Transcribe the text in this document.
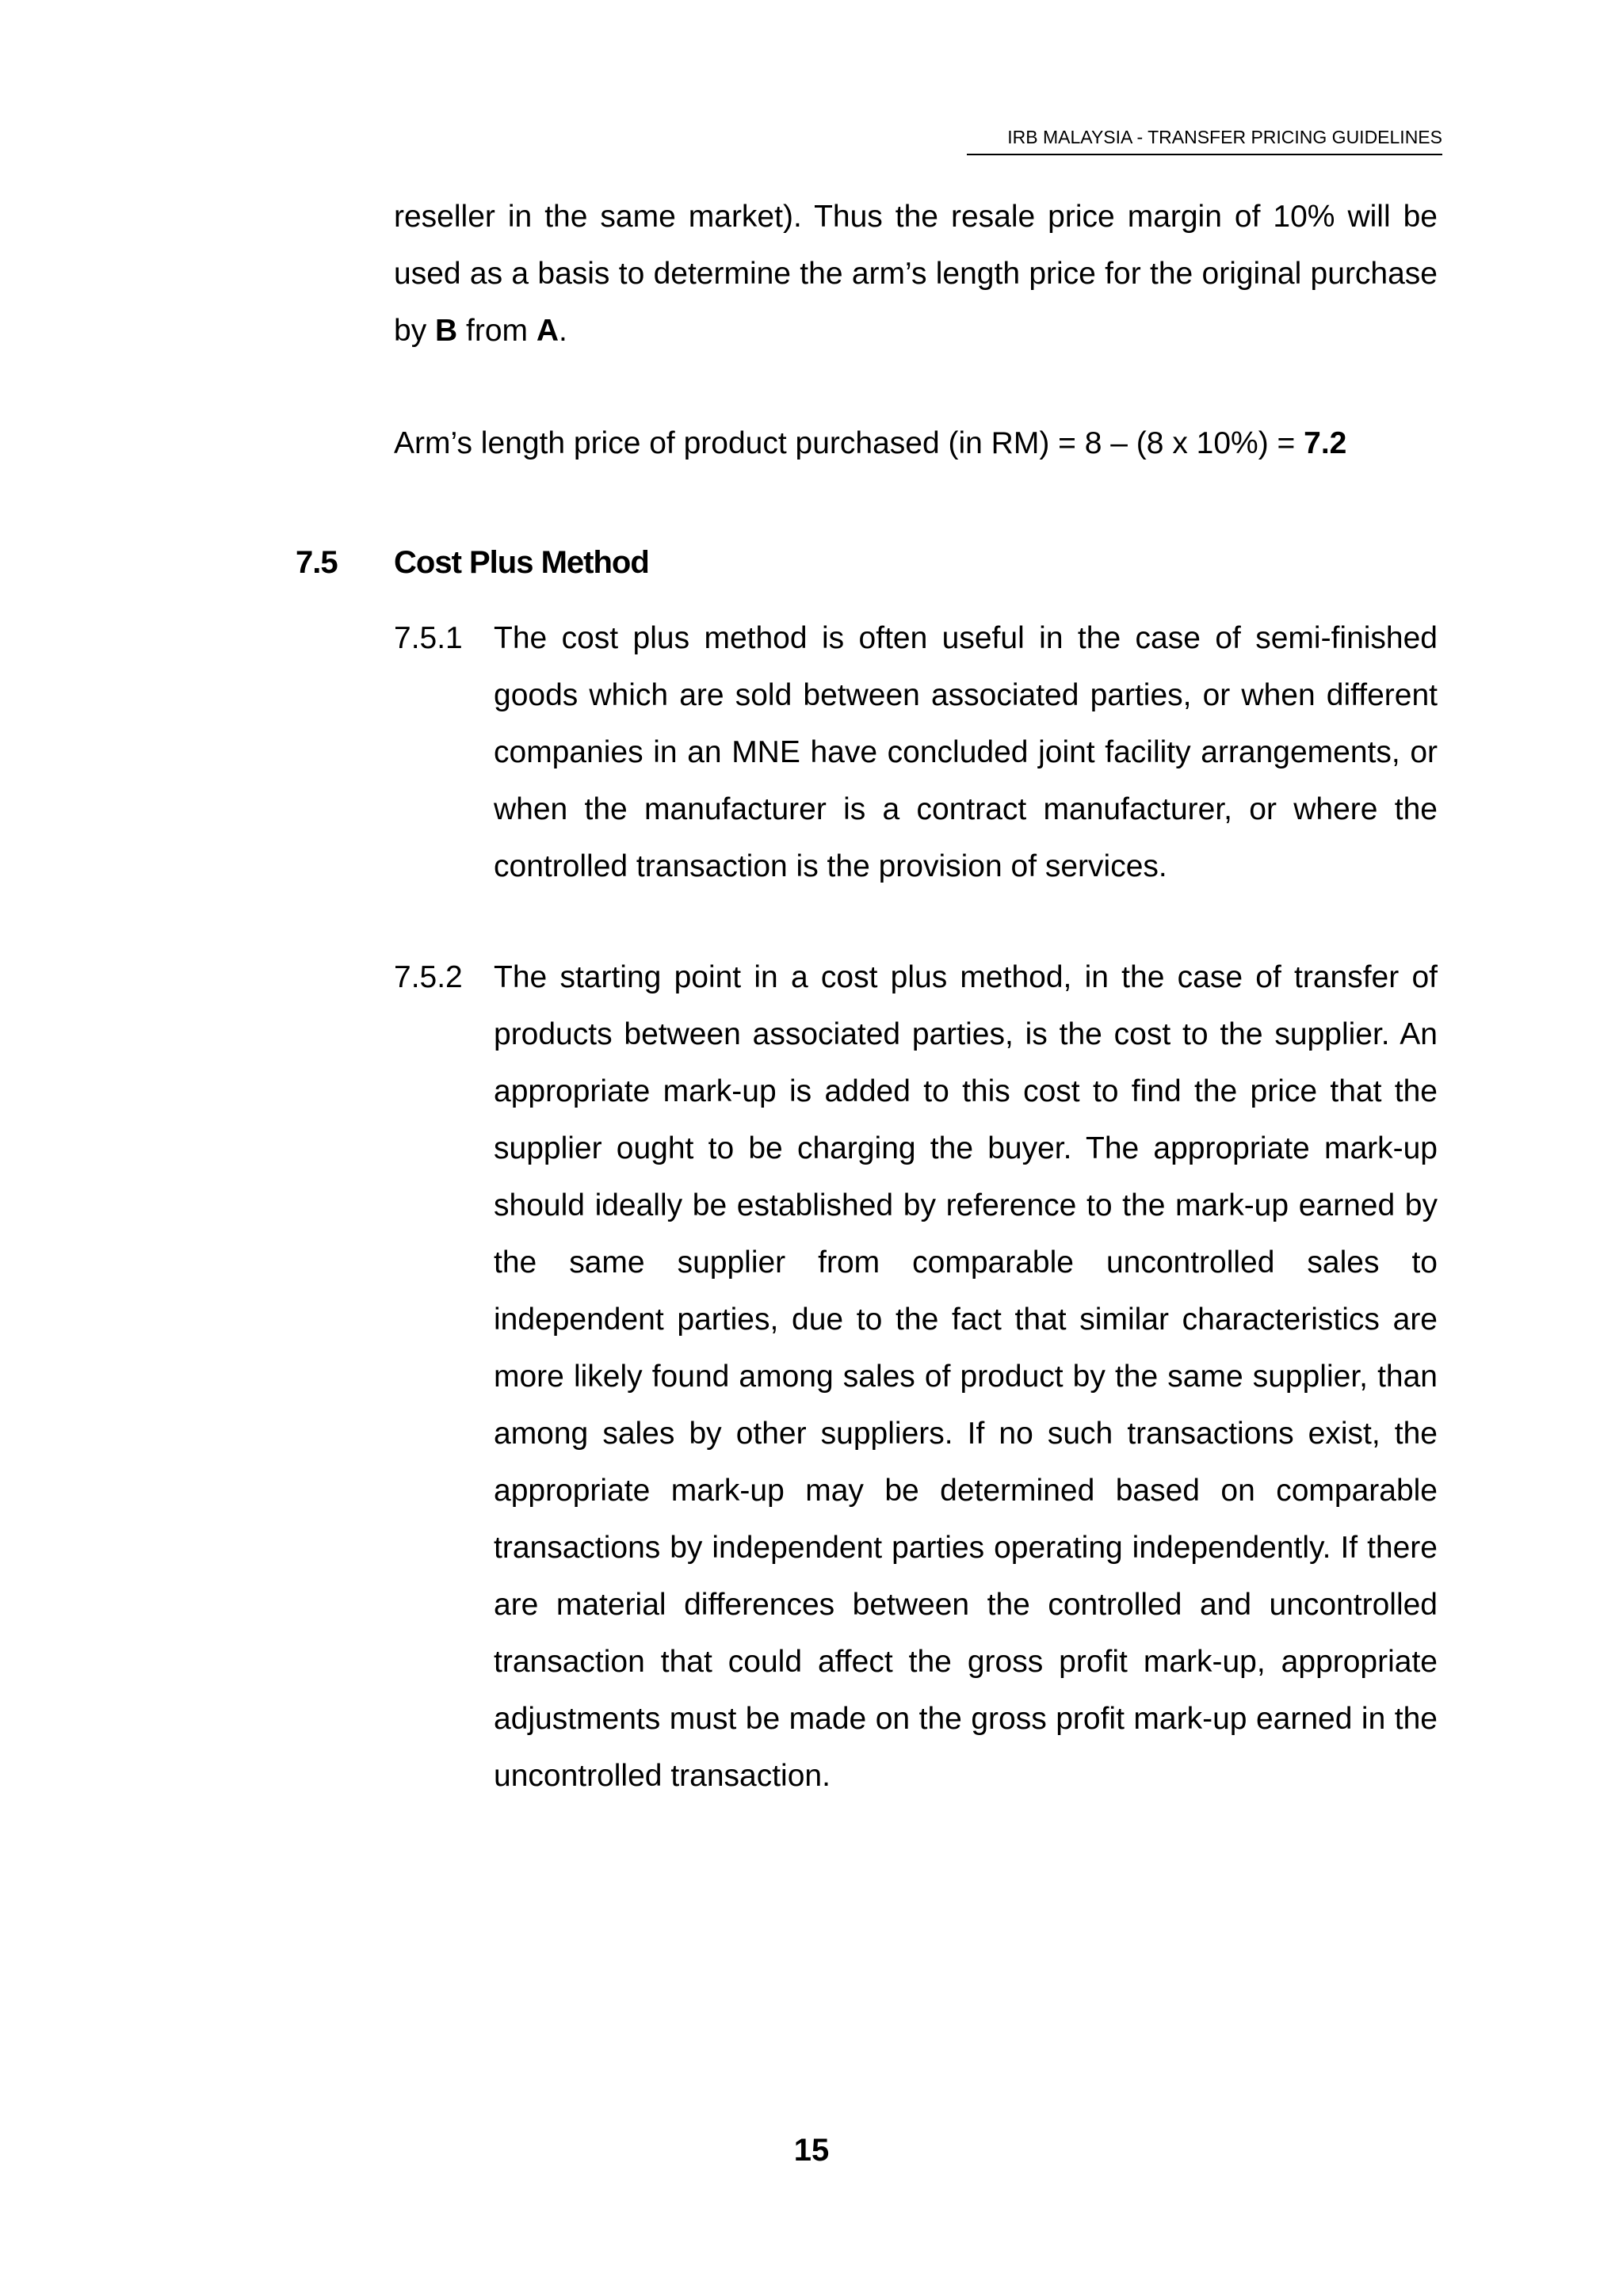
IRB MALAYSIA - TRANSFER PRICING GUIDELINES
reseller in the same market). Thus the resale price margin of 10% will be used as a basis to determine the arm’s length price for the original purchase by B from A.
Arm’s length price of product purchased (in RM) = 8 – (8 x 10%) = 7.2
7.5 Cost Plus Method
7.5.1 The cost plus method is often useful in the case of semi-finished goods which are sold between associated parties, or when different companies in an MNE have concluded joint facility arrangements, or when the manufacturer is a contract manufacturer, or where the controlled transaction is the provision of services.
7.5.2 The starting point in a cost plus method, in the case of transfer of products between associated parties, is the cost to the supplier. An appropriate mark-up is added to this cost to find the price that the supplier ought to be charging the buyer. The appropriate mark-up should ideally be established by reference to the mark-up earned by the same supplier from comparable uncontrolled sales to independent parties, due to the fact that similar characteristics are more likely found among sales of product by the same supplier, than among sales by other suppliers. If no such transactions exist, the appropriate mark-up may be determined based on comparable transactions by independent parties operating independently. If there are material differences between the controlled and uncontrolled transaction that could affect the gross profit mark-up, appropriate adjustments must be made on the gross profit mark-up earned in the uncontrolled transaction.
15
